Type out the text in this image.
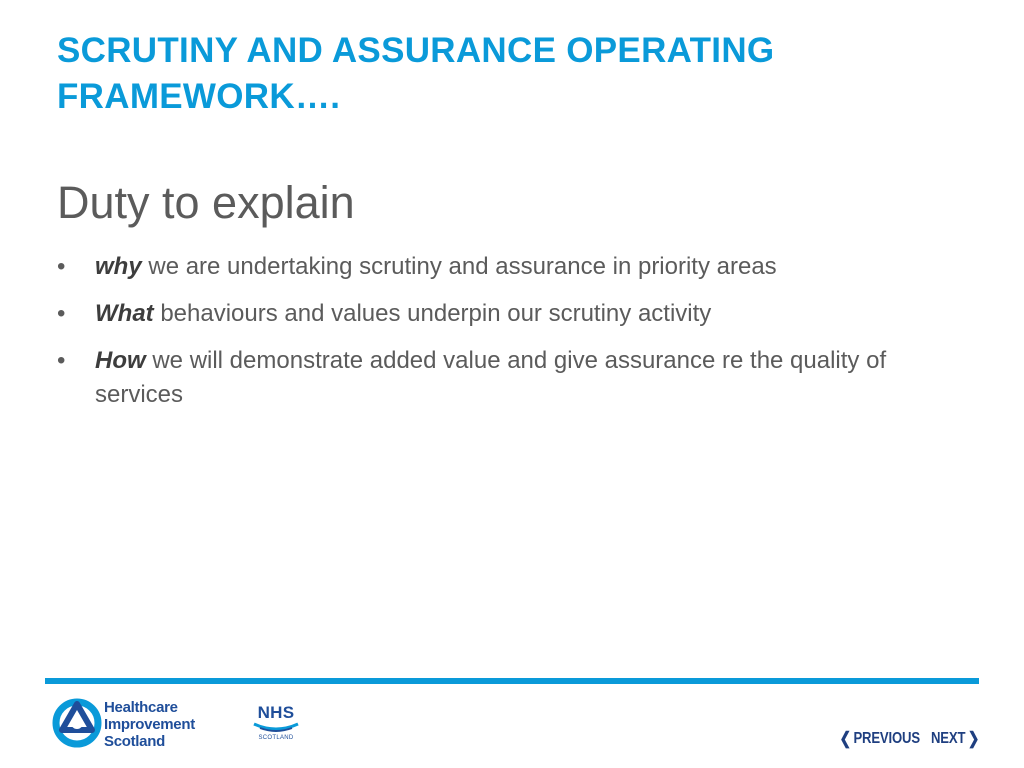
SCRUTINY AND ASSURANCE OPERATING FRAMEWORK….
Duty to explain
• why we are undertaking scrutiny and assurance in priority areas
• What behaviours and values underpin our scrutiny activity
• How we will demonstrate added value and give assurance re the quality of services
Healthcare
Improvement
Scotland
NHS
SCOTLAND	❮ PREVIOUS NEXT ❯
